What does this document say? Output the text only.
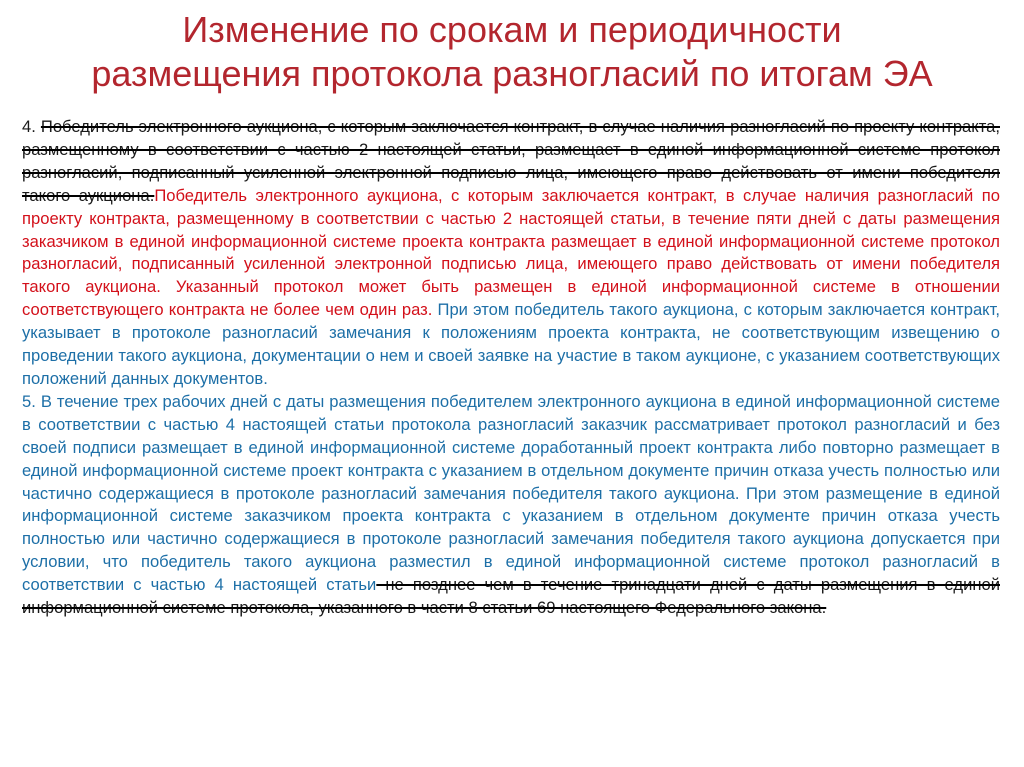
Изменение по срокам и периодичности
размещения протокола разногласий по итогам ЭА

4. Победитель электронного аукциона, с которым заключается контракт, в случае наличия разногласий по проекту контракта, размещенному в соответствии с частью 2 настоящей статьи, размещает в единой информационной системе протокол разногласий, подписанный усиленной электронной подписью лица, имеющего право действовать от имени победителя такого аукциона.Победитель электронного аукциона, с которым заключается контракт, в случае наличия разногласий по проекту контракта, размещенному в соответствии с частью 2 настоящей статьи, в течение пяти дней с даты размещения заказчиком в единой информационной системе проекта контракта размещает в единой информационной системе протокол разногласий, подписанный усиленной электронной подписью лица, имеющего право действовать от имени победителя такого аукциона. Указанный протокол может быть размещен в единой информационной системе в отношении соответствующего контракта не более чем один раз. При этом победитель такого аукциона, с которым заключается контракт, указывает в протоколе разногласий замечания к положениям проекта контракта, не соответствующим извещению о проведении такого аукциона, документации о нем и своей заявке на участие в таком аукционе, с указанием соответствующих положений данных документов.

5. В течение трех рабочих дней с даты размещения победителем электронного аукциона в единой информационной системе в соответствии с частью 4 настоящей статьи протокола разногласий заказчик рассматривает протокол разногласий и без своей подписи размещает в единой информационной системе доработанный проект контракта либо повторно размещает в единой информационной системе проект контракта с указанием в отдельном документе причин отказа учесть полностью или частично содержащиеся в протоколе разногласий замечания победителя такого аукциона. При этом размещение в единой информационной системе заказчиком проекта контракта с указанием в отдельном документе причин отказа учесть полностью или частично содержащиеся в протоколе разногласий замечания победителя такого аукциона допускается при условии, что победитель такого аукциона разместил в единой информационной системе протокол разногласий в соответствии с частью 4 настоящей статьи не позднее чем в течение тринадцати дней с даты размещения в единой информационной системе протокола, указанного в части 8 статьи 69 настоящего Федерального закона.
